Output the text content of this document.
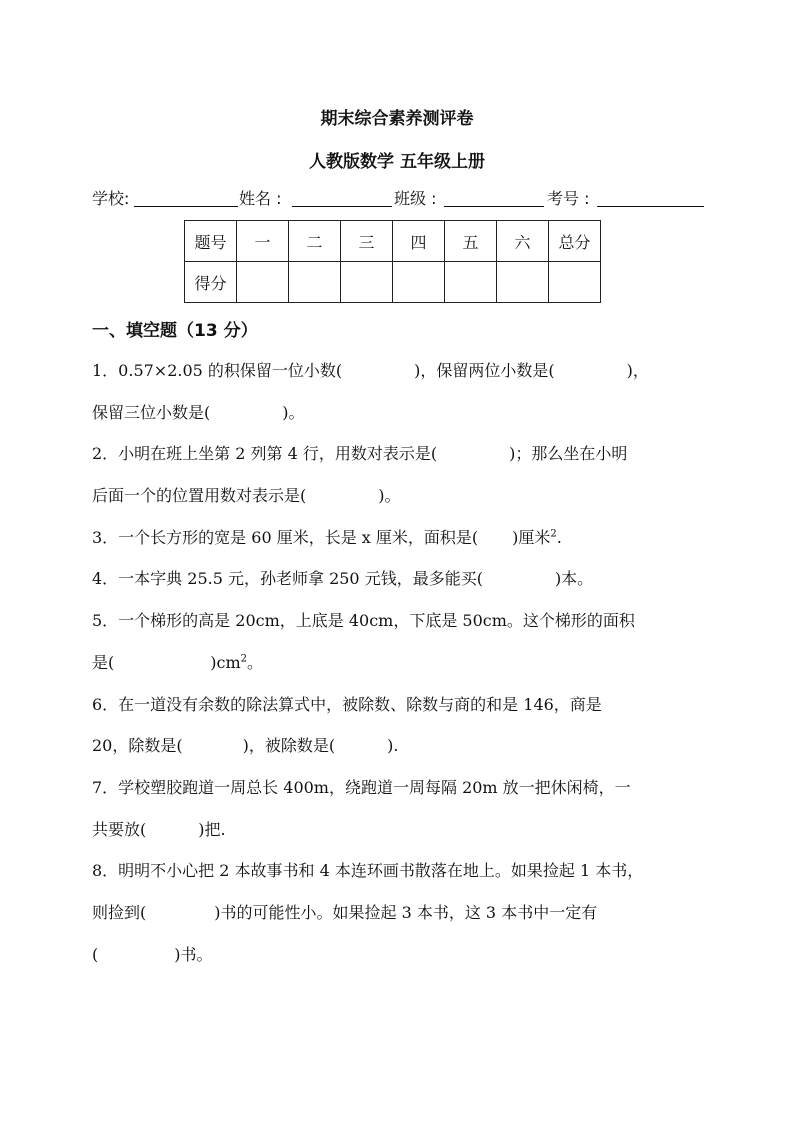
期末综合素养测评卷
人教版数学 五年级上册
学校:	姓名 :	班级 :	考号 :
题号	一	二	三	四	五	六	总分
得分							
一、填空题（13 分）
1．0.57×2.05 的积保留一位小数(	)，保留两位小数是(	)，
保留三位小数是(	)。
2．小明在班上坐第 2 列第 4 行，用数对表示是(	)；那么坐在小明
后面一个的位置用数对表示是(	)。
3．一个长方形的宽是 60 厘米，长是 x 厘米，面积是( )厘米$^2$.
4．一本字典 25.5 元，孙老师拿 250 元钱，最多能买(	)本。
5．一个梯形的高是 20cm，上底是 40cm，下底是 50cm。这个梯形的面积
是(	)$cm^2$。
6．在一道没有余数的除法算式中，被除数、除数与商的和是 146，商是
20，除数是(	)，被除数是(	).
7．学校塑胶跑道一周总长 400m，绕跑道一周每隔 20m 放一把休闲椅，一
共要放(	)把.
8．明明不小心把 2 本故事书和 4 本连环画书散落在地上。如果捡起 1 本书，
则捡到(	)书的可能性小。如果捡起 3 本书，这 3 本书中一定有
(	)书。
